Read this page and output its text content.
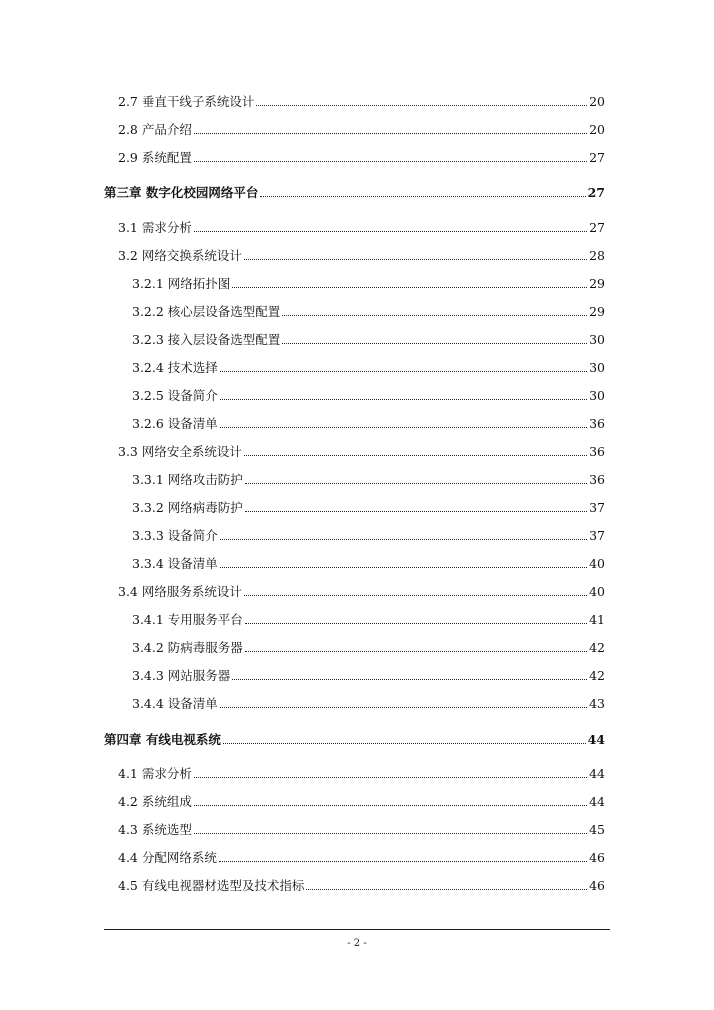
2.7 垂直干线子系统设计	20
2.8 产品介绍	20
2.9 系统配置	27
第三章 数字化校园网络平台	27
3.1 需求分析	27
3.2 网络交换系统设计	28
3.2.1 网络拓扑图	29
3.2.2 核心层设备选型配置	29
3.2.3 接入层设备选型配置	30
3.2.4 技术选择	30
3.2.5 设备简介	30
3.2.6 设备清单	36
3.3 网络安全系统设计	36
3.3.1 网络攻击防护	36
3.3.2 网络病毒防护	37
3.3.3 设备简介	37
3.3.4 设备清单	40
3.4 网络服务系统设计	40
3.4.1 专用服务平台	41
3.4.2 防病毒服务器	42
3.4.3 网站服务器	42
3.4.4 设备清单	43
第四章 有线电视系统	44
4.1 需求分析	44
4.2 系统组成	44
4.3 系统选型	45
4.4 分配网络系统	46
4.5 有线电视器材选型及技术指标	46
- 2 -
